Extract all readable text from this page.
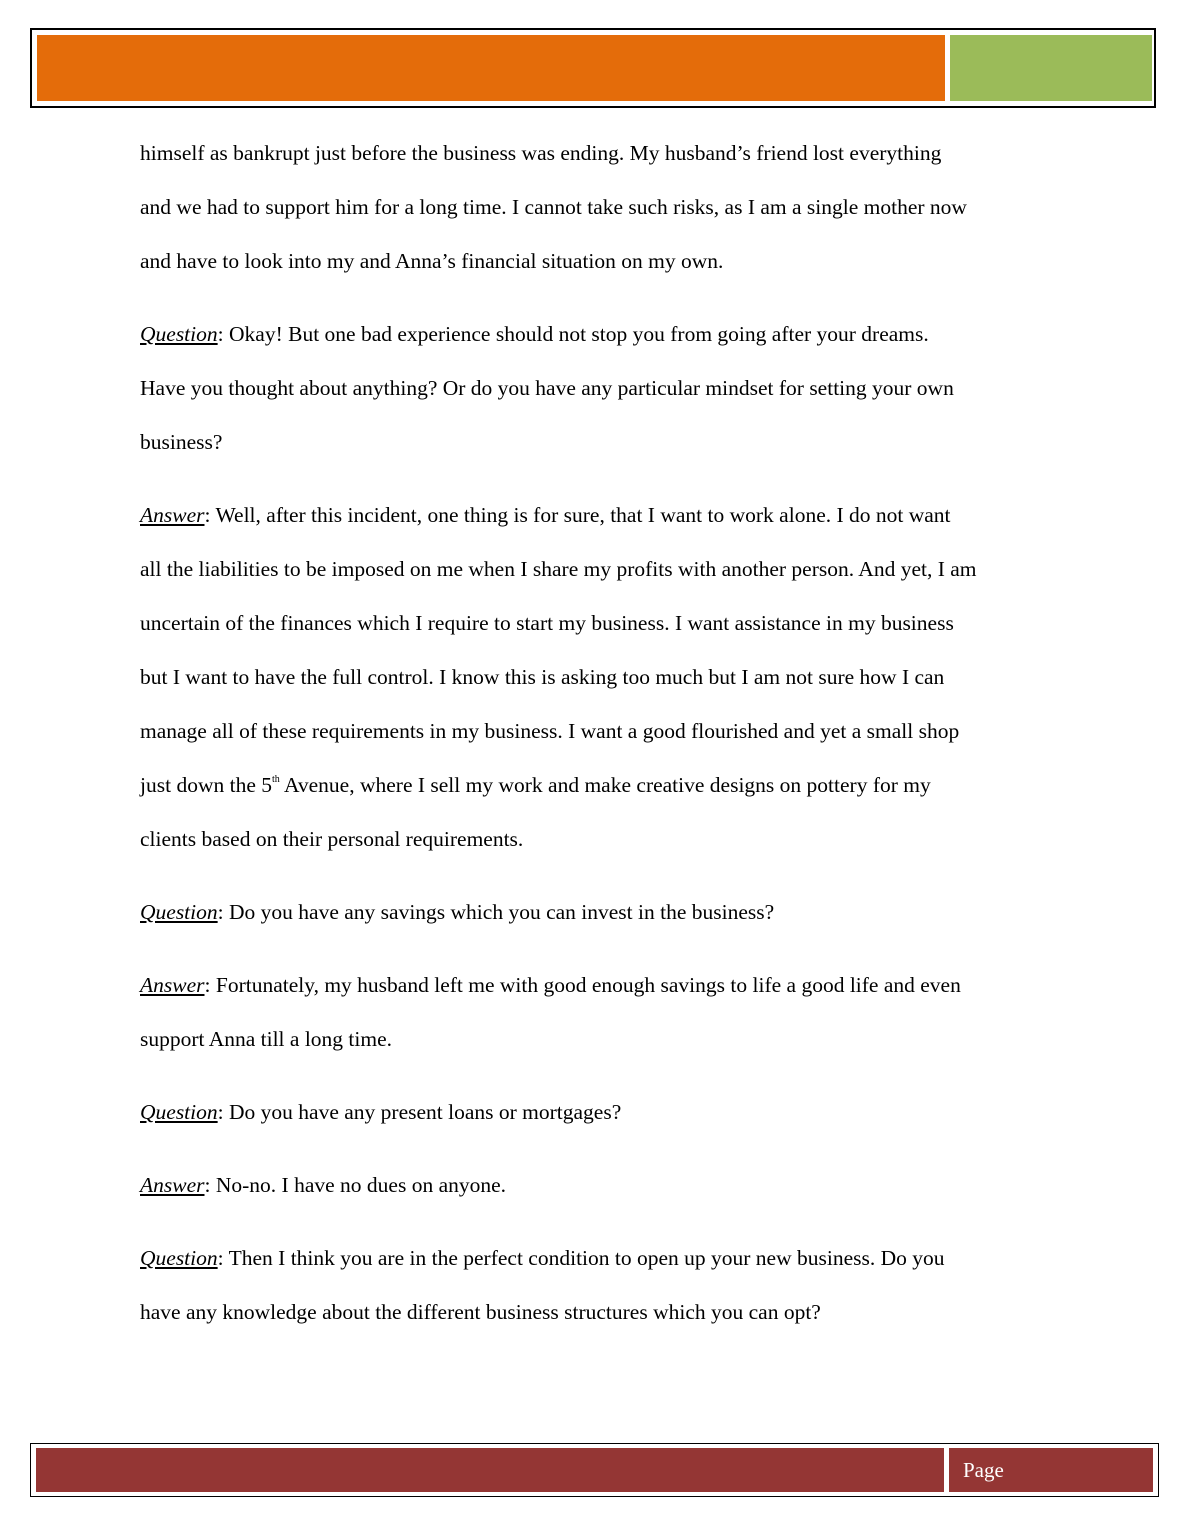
himself as bankrupt just before the business was ending. My husband’s friend lost everything
and we had to support him for a long time. I cannot take such risks, as I am a single mother now
and have to look into my and Anna’s financial situation on my own.
Question: Okay! But one bad experience should not stop you from going after your dreams.
Have you thought about anything? Or do you have any particular mindset for setting your own
business?
Answer: Well, after this incident, one thing is for sure, that I want to work alone. I do not want
all the liabilities to be imposed on me when I share my profits with another person. And yet, I am
uncertain of the finances which I require to start my business. I want assistance in my business
but I want to have the full control. I know this is asking too much but I am not sure how I can
manage all of these requirements in my business. I want a good flourished and yet a small shop
just down the 5th Avenue, where I sell my work and make creative designs on pottery for my
clients based on their personal requirements.
Question: Do you have any savings which you can invest in the business?
Answer: Fortunately, my husband left me with good enough savings to life a good life and even
support Anna till a long time.
Question: Do you have any present loans or mortgages?
Answer: No-no. I have no dues on anyone.
Question: Then I think you are in the perfect condition to open up your new business. Do you
have any knowledge about the different business structures which you can opt?
Page
